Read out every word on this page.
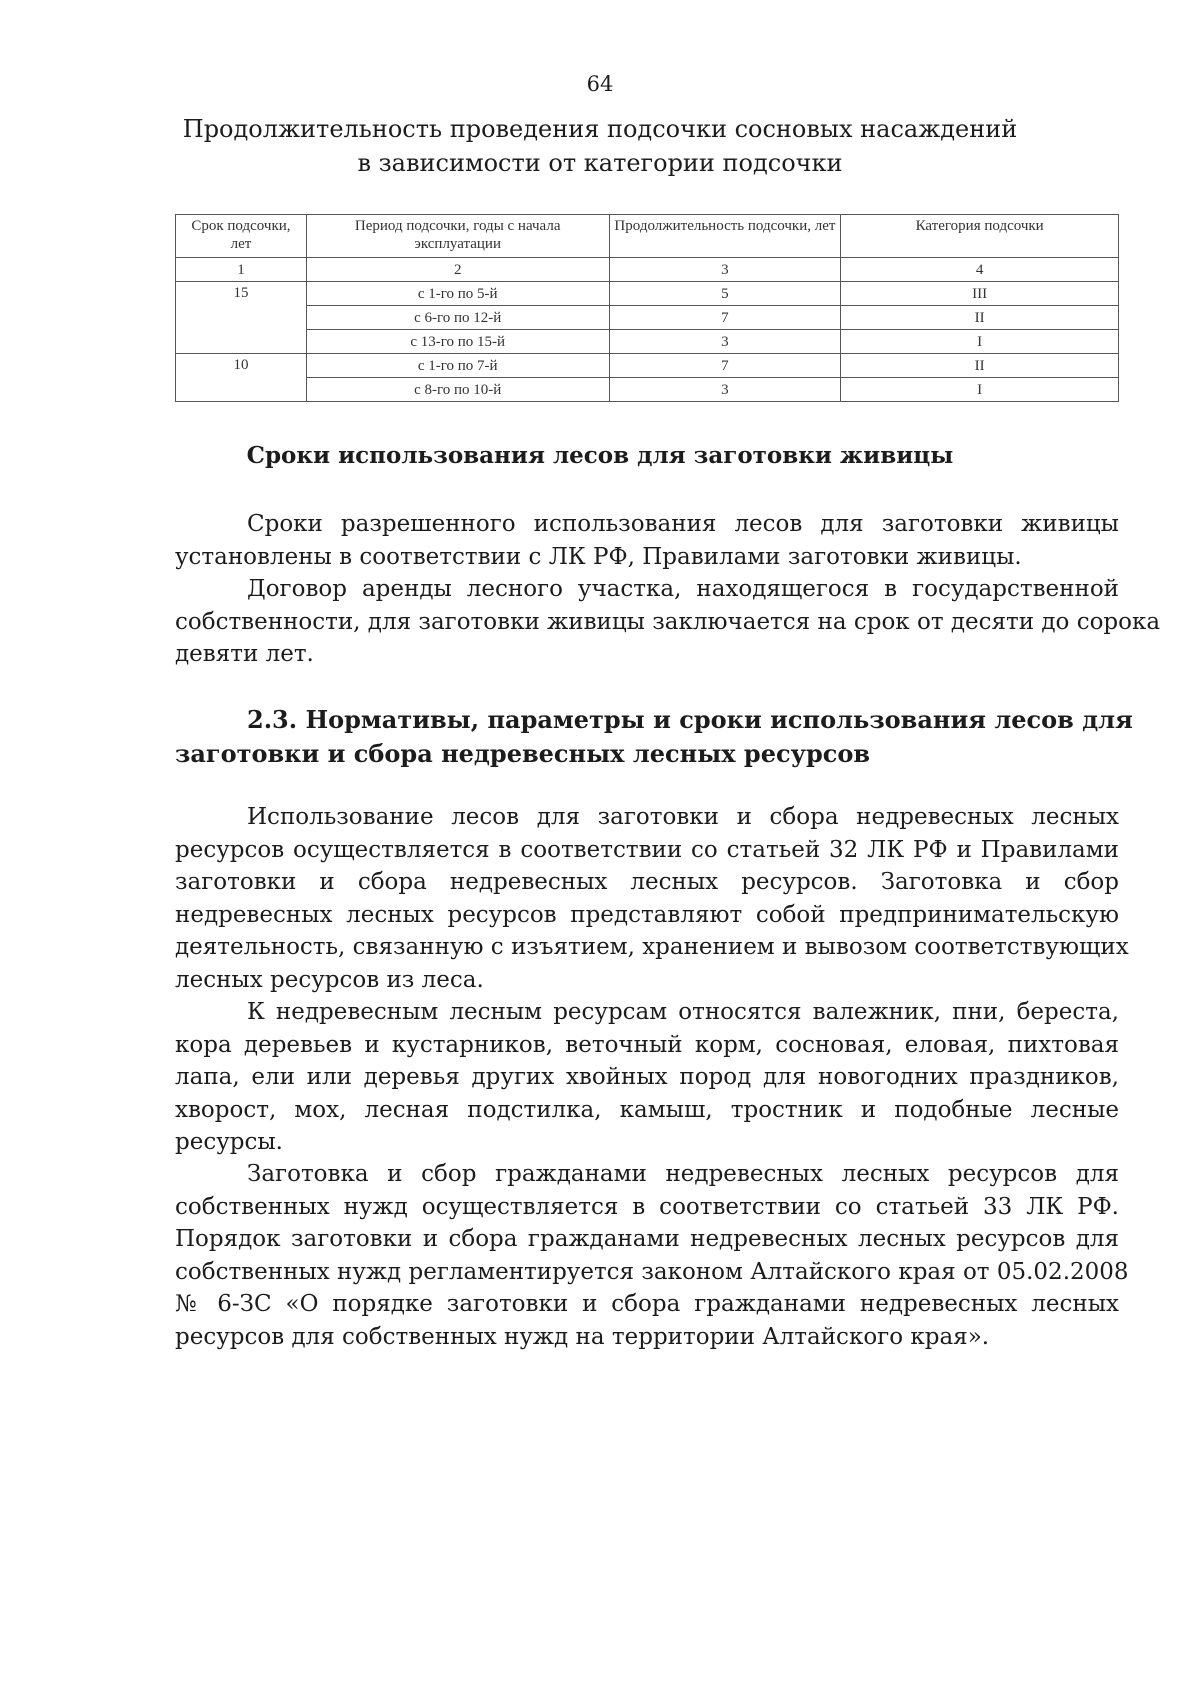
64
Продолжительность проведения подсочки сосновых насаждений
в зависимости от категории подсочки
Срок подсочки, лет	Период подсочки, годы с начала эксплуатации	Продолжительность подсочки, лет	Категория подсочки
1	2	3	4
15	с 1-го по 5-й	5	III
	с 6-го по 12-й	7	II
	с 13-го по 15-й	3	I
10	с 1-го по 7-й	7	II
	с 8-го по 10-й	3	I
Сроки использования лесов для заготовки живицы
Сроки разрешенного использования лесов для заготовки живицы
установлены в соответствии с ЛК РФ, Правилами заготовки живицы.
Договор аренды лесного участка, находящегося в государственной
собственности, для заготовки живицы заключается на срок от десяти до сорока
девяти лет.
2.3. Нормативы, параметры и сроки использования лесов для
заготовки и сбора недревесных лесных ресурсов
Использование лесов для заготовки и сбора недревесных лесных
ресурсов осуществляется в соответствии со статьей 32 ЛК РФ и Правилами
заготовки и сбора недревесных лесных ресурсов. Заготовка и сбор
недревесных лесных ресурсов представляют собой предпринимательскую
деятельность, связанную с изъятием, хранением и вывозом соответствующих
лесных ресурсов из леса.
К недревесным лесным ресурсам относятся валежник, пни, береста,
кора деревьев и кустарников, веточный корм, сосновая, еловая, пихтовая
лапа, ели или деревья других хвойных пород для новогодних праздников,
хворост, мох, лесная подстилка, камыш, тростник и подобные лесные
ресурсы.
Заготовка и сбор гражданами недревесных лесных ресурсов для
собственных нужд осуществляется в соответствии со статьей 33 ЛК РФ.
Порядок заготовки и сбора гражданами недревесных лесных ресурсов для
собственных нужд регламентируется законом Алтайского края от 05.02.2008
№ 6-ЗС «О порядке заготовки и сбора гражданами недревесных лесных
ресурсов для собственных нужд на территории Алтайского края».
